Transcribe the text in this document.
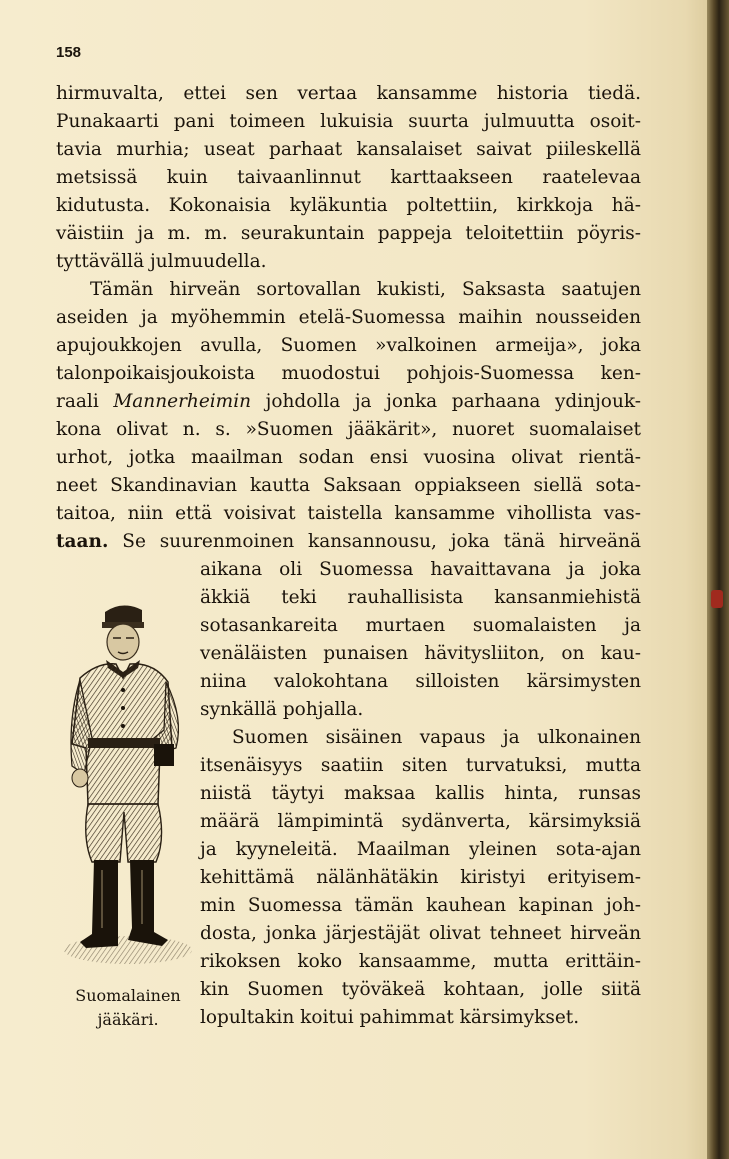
158
hirmuvalta, ettei sen vertaa kansamme historia tiedä.
Punakaarti pani toimeen lukuisia suurta julmuutta osoit-
tavia murhia; useat parhaat kansalaiset saivat piileskellä
metsissä kuin taivaanlinnut karttaakseen raatelevaa
kidutusta. Kokonaisia kyläkuntia poltettiin, kirkkoja hä-
väistiin ja m. m. seurakuntain pappeja teloitettiin pöyris-
tyttävällä julmuudella.
Tämän hirveän sortovallan kukisti, Saksasta saatujen
aseiden ja myöhemmin etelä-Suomessa maihin nousseiden
apujoukkojen avulla, Suomen »valkoinen armeija», joka
talonpoikaisjoukoista muodostui pohjois-Suomessa ken-
raali Mannerheimin johdolla ja jonka parhaana ydinjouk-
kona olivat n. s. »Suomen jääkärit», nuoret suomalaiset
urhot, jotka maailman sodan ensi vuosina olivat rientä-
neet Skandinavian kautta Saksaan oppiakseen siellä sota-
taitoa, niin että voisivat taistella kansamme vihollista vas-
taan. Se suurenmoinen kansannousu, joka tänä hirveänä
aikana oli Suomessa havaittavana ja joka
äkkiä teki rauhallisista kansanmiehistä
sotasankareita murtaen suomalaisten ja
venäläisten punaisen hävitysliiton, on kau-
niina valokohtana silloisten kärsimysten
synkällä pohjalla.
Suomen sisäinen vapaus ja ulkonainen
itsenäisyys saatiin siten turvatuksi, mutta
niistä täytyi maksaa kallis hinta, runsas
määrä lämpimintä sydänverta, kärsimyksiä
ja kyyneleitä. Maailman yleinen sota-ajan
kehittämä nälänhätäkin kiristyi erityisem-
min Suomessa tämän kauhean kapinan joh-
dosta, jonka järjestäjät olivat tehneet hirveän
rikoksen koko kansaamme, mutta erittäin-
kin Suomen työväkeä kohtaan, jolle siitä
lopultakin koitui pahimmat kärsimykset.
Suomalainen
jääkäri.
